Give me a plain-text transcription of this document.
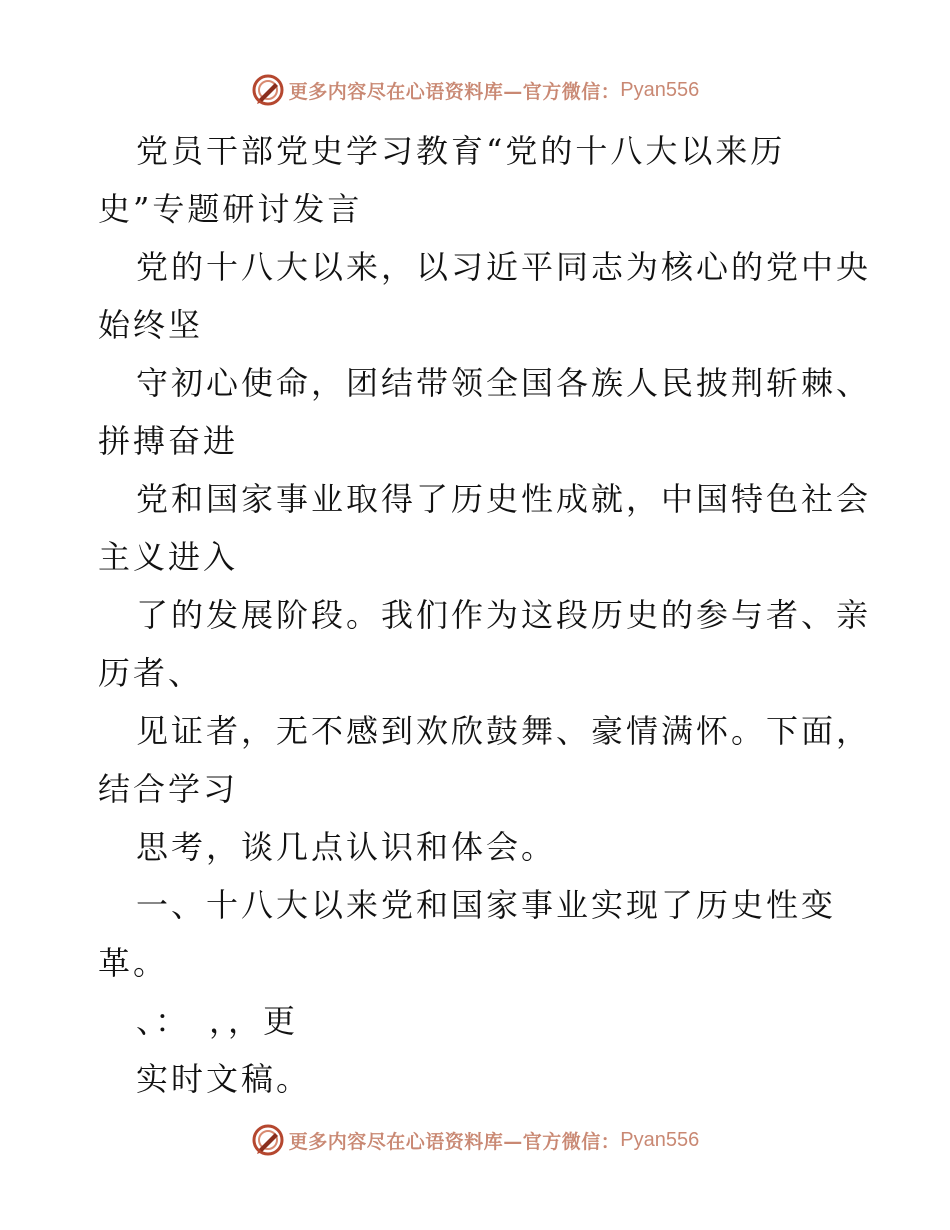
更多内容尽在心语资料库—官方微信： Pyan556
党员干部党史学习教育“党的十八大以来历
史”专题研讨发言
党的十八大以来，以习近平同志为核心的党中央
始终坚
守初心使命，团结带领全国各族人民披荆斩棘、
拼搏奋进
党和国家事业取得了历史性成就，中国特色社会
主义进入
了的发展阶段。我们作为这段历史的参与者、亲
历者、
见证者，无不感到欢欣鼓舞、豪情满怀。下面，
结合学习
思考，谈几点认识和体会。
一、十八大以来党和国家事业实现了历史性变
革。
、：　，，更
实时文稿。
更多内容尽在心语资料库—官方微信： Pyan556
